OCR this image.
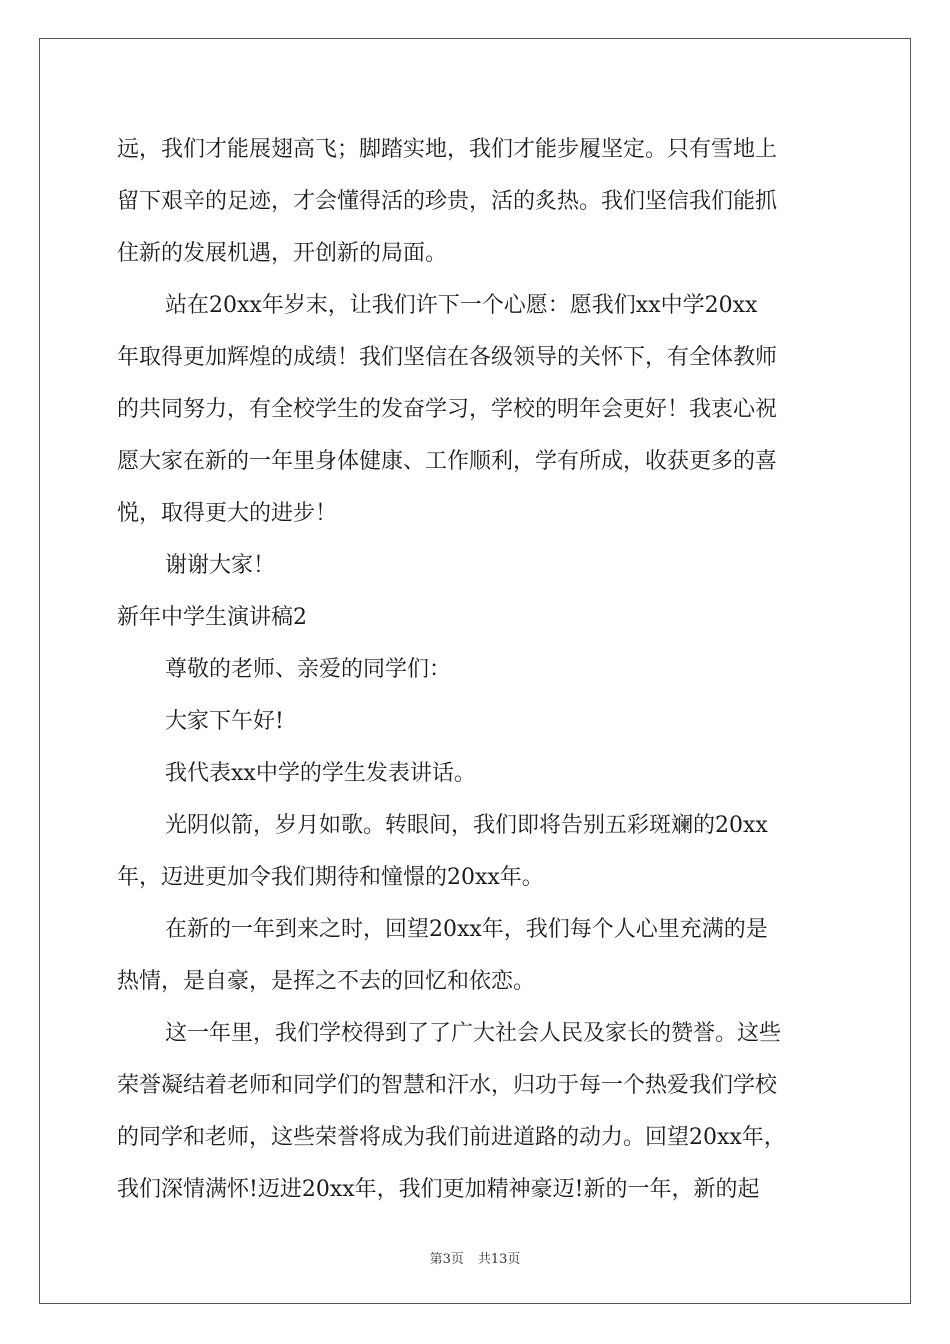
远，我们才能展翅高飞；脚踏实地，我们才能步履坚定。只有雪地上
留下艰辛的足迹，才会懂得活的珍贵，活的炙热。我们坚信我们能抓
住新的发展机遇，开创新的局面。
站在20xx年岁末，让我们许下一个心愿：愿我们xx中学20xx
年取得更加辉煌的成绩！我们坚信在各级领导的关怀下，有全体教师
的共同努力，有全校学生的发奋学习，学校的明年会更好！我衷心祝
愿大家在新的一年里身体健康、工作顺利，学有所成，收获更多的喜
悦，取得更大的进步！
谢谢大家！
新年中学生演讲稿2
尊敬的老师、亲爱的同学们：
大家下午好!
我代表xx中学的学生发表讲话。
光阴似箭，岁月如歌。转眼间，我们即将告别五彩斑斓的20xx
年，迈进更加令我们期待和憧憬的20xx年。
在新的一年到来之时，回望20xx年，我们每个人心里充满的是
热情，是自豪，是挥之不去的回忆和依恋。
这一年里，我们学校得到了了广大社会人民及家长的赞誉。这些
荣誉凝结着老师和同学们的智慧和汗水，归功于每一个热爱我们学校
的同学和老师，这些荣誉将成为我们前进道路的动力。回望20xx年，
我们深情满怀!迈进20xx年，我们更加精神豪迈!新的一年，新的起
第3页 共13页
